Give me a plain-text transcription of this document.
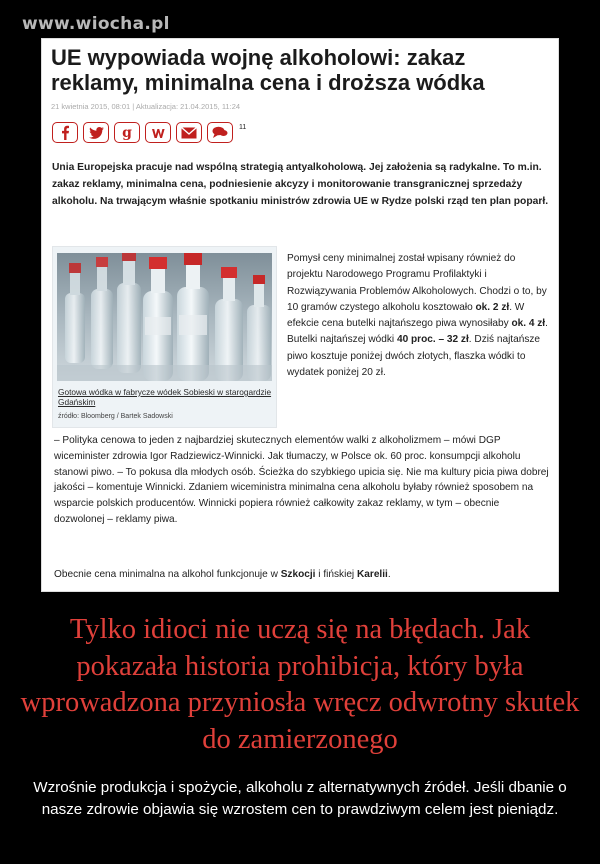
www.wiocha.pl
UE wypowiada wojnę alkoholowi: zakaz reklamy, minimalna cena i droższa wódka
21 kwietnia 2015, 08:01 | Aktualizacja: 21.04.2015, 11:24
g	11

Unia Europejska pracuje nad wspólną strategią antyalkoholową. Jej założenia są radykalne. To m.in. zakaz reklamy, minimalna cena, podniesienie akcyzy i monitorowanie transgranicznej sprzedaży alkoholu. Na trwającym właśnie spotkaniu ministrów zdrowia UE w Rydze polski rząd ten plan poparł.

Gotowa wódka w fabrycze wódek Sobieski w starogardzie Gdańskim
źródło: Bloomberg / Bartek Sadowski

Pomysł ceny minimalnej został wpisany również do projektu Narodowego Programu Profilaktyki i Rozwiązywania Problemów Alkoholowych. Chodzi o to, by 10 gramów czystego alkoholu kosztowało ok. 2 zł. W efekcie cena butelki najtańszego piwa wynosiłaby ok. 4 zł. Butelki najtańszej wódki 40 proc. – 32 zł. Dziś najtańsze piwo kosztuje poniżej dwóch złotych, flaszka wódki to wydatek poniżej 20 zł.

– Polityka cenowa to jeden z najbardziej skutecznych elementów walki z alkoholizmem – mówi DGP wiceminister zdrowia Igor Radziewicz-Winnicki. Jak tłumaczy, w Polsce ok. 60 proc. konsumpcji alkoholu stanowi piwo. – To pokusa dla młodych osób. Ścieżka do szybkiego upicia się. Nie ma kultury picia piwa dobrej jakości – komentuje Winnicki. Zdaniem wiceministra minimalna cena alkoholu byłaby również sposobem na wsparcie polskich producentów. Winnicki popiera również całkowity zakaz reklamy, w tym – obecnie dozwolonej – reklamy piwa.

Obecnie cena minimalna na alkohol funkcjonuje w Szkocji i fińskiej Karelii.

Tylko idioci nie uczą się na błędach. Jak pokazała historia prohibicja, który była wprowadzona przyniosła wręcz odwrotny skutek do zamierzonego

Wzrośnie produkcja i spożycie, alkoholu z alternatywnych źródeł. Jeśli dbanie o nasze zdrowie objawia się wzrostem cen to prawdziwym celem jest pieniądz.
